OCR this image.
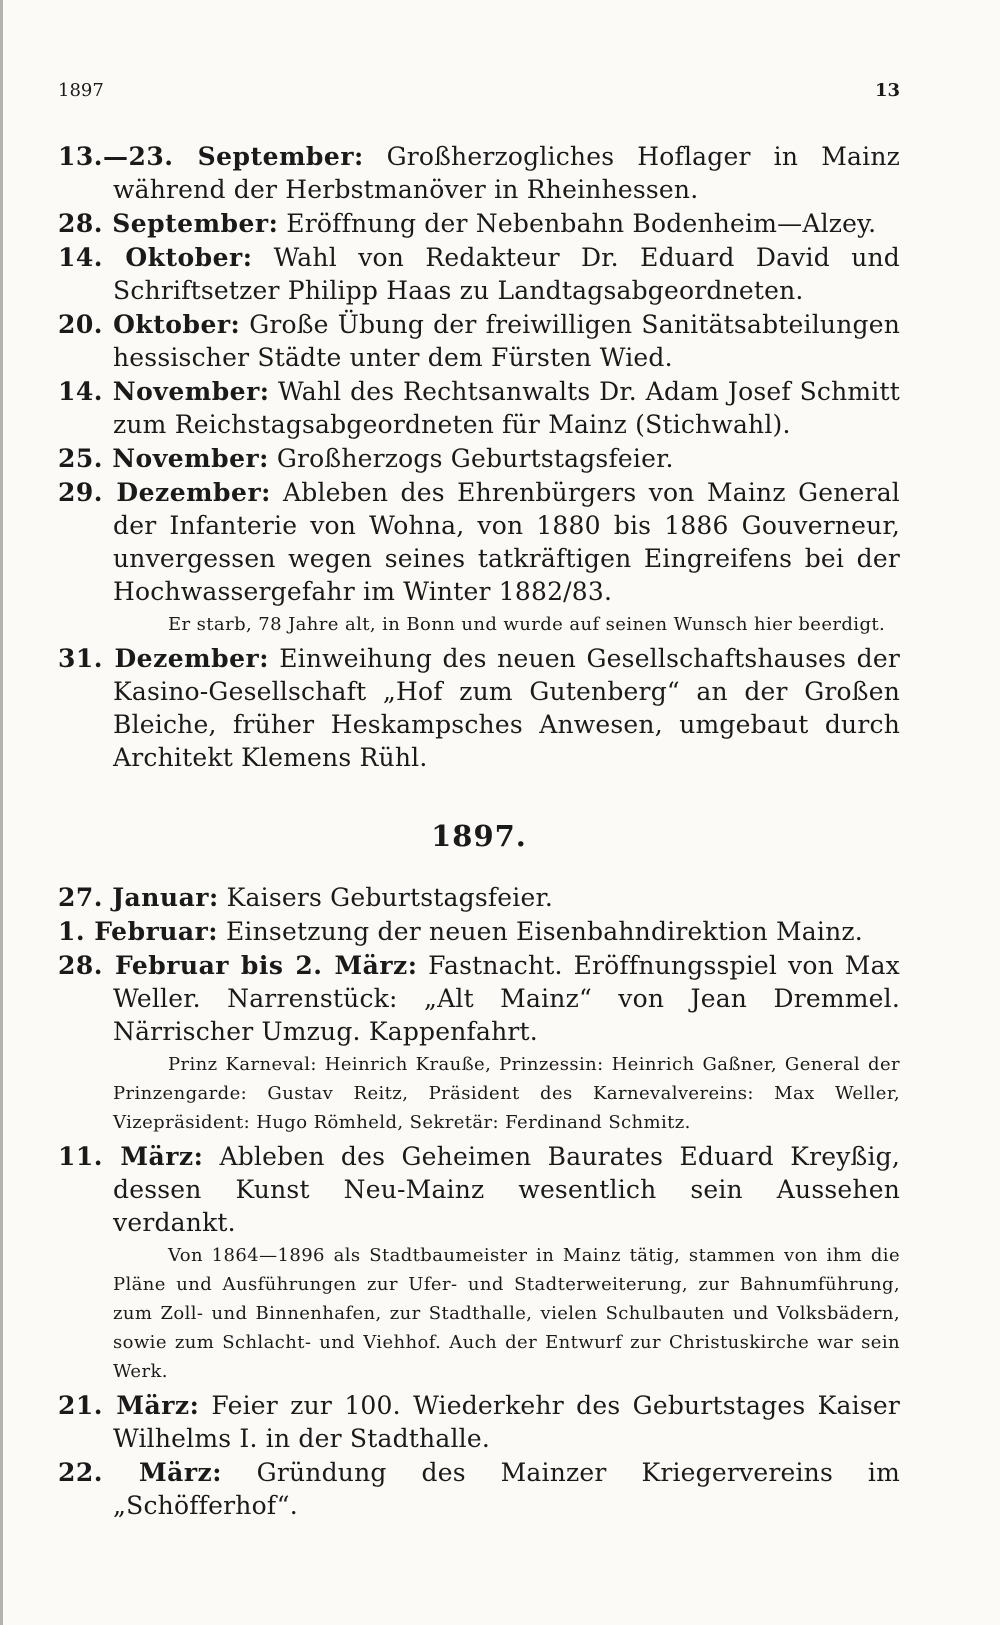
1897	13

13.—23. September: Großherzogliches Hoflager in Mainz während der Herbstmanöver in Rheinhessen.

28. September: Eröffnung der Nebenbahn Bodenheim—Alzey.

14. Oktober: Wahl von Redakteur Dr. Eduard David und Schriftsetzer Philipp Haas zu Landtagsabgeordneten.

20. Oktober: Große Übung der freiwilligen Sanitätsabteilungen hessischer Städte unter dem Fürsten Wied.

14. November: Wahl des Rechtsanwalts Dr. Adam Josef Schmitt zum Reichstagsabgeordneten für Mainz (Stichwahl).

25. November: Großherzogs Geburtstagsfeier.

29. Dezember: Ableben des Ehrenbürgers von Mainz General der Infanterie von Wohna, von 1880 bis 1886 Gouverneur, unvergessen wegen seines tatkräftigen Eingreifens bei der Hochwassergefahr im Winter 1882/83.

Er starb, 78 Jahre alt, in Bonn und wurde auf seinen Wunsch hier beerdigt.

31. Dezember: Einweihung des neuen Gesellschaftshauses der Kasino-Gesellschaft „Hof zum Gutenberg“ an der Großen Bleiche, früher Heskampsches Anwesen, umgebaut durch Architekt Klemens Rühl.

1897.

27. Januar: Kaisers Geburtstagsfeier.

1. Februar: Einsetzung der neuen Eisenbahndirektion Mainz.

28. Februar bis 2. März: Fastnacht. Eröffnungsspiel von Max Weller. Narrenstück: „Alt Mainz“ von Jean Dremmel. Närrischer Umzug. Kappenfahrt.

Prinz Karneval: Heinrich Krauße, Prinzessin: Heinrich Gaßner, General der Prinzengarde: Gustav Reitz, Präsident des Karnevalvereins: Max Weller, Vizepräsident: Hugo Römheld, Sekretär: Ferdinand Schmitz.

11. März: Ableben des Geheimen Baurates Eduard Kreyßig, dessen Kunst Neu-Mainz wesentlich sein Aussehen verdankt.

Von 1864—1896 als Stadtbaumeister in Mainz tätig, stammen von ihm die Pläne und Ausführungen zur Ufer- und Stadterweiterung, zur Bahnumführung, zum Zoll- und Binnenhafen, zur Stadthalle, vielen Schulbauten und Volksbädern, sowie zum Schlacht- und Viehhof. Auch der Entwurf zur Christuskirche war sein Werk.

21. März: Feier zur 100. Wiederkehr des Geburtstages Kaiser Wilhelms I. in der Stadthalle.

22. März: Gründung des Mainzer Kriegervereins im „Schöfferhof“.
